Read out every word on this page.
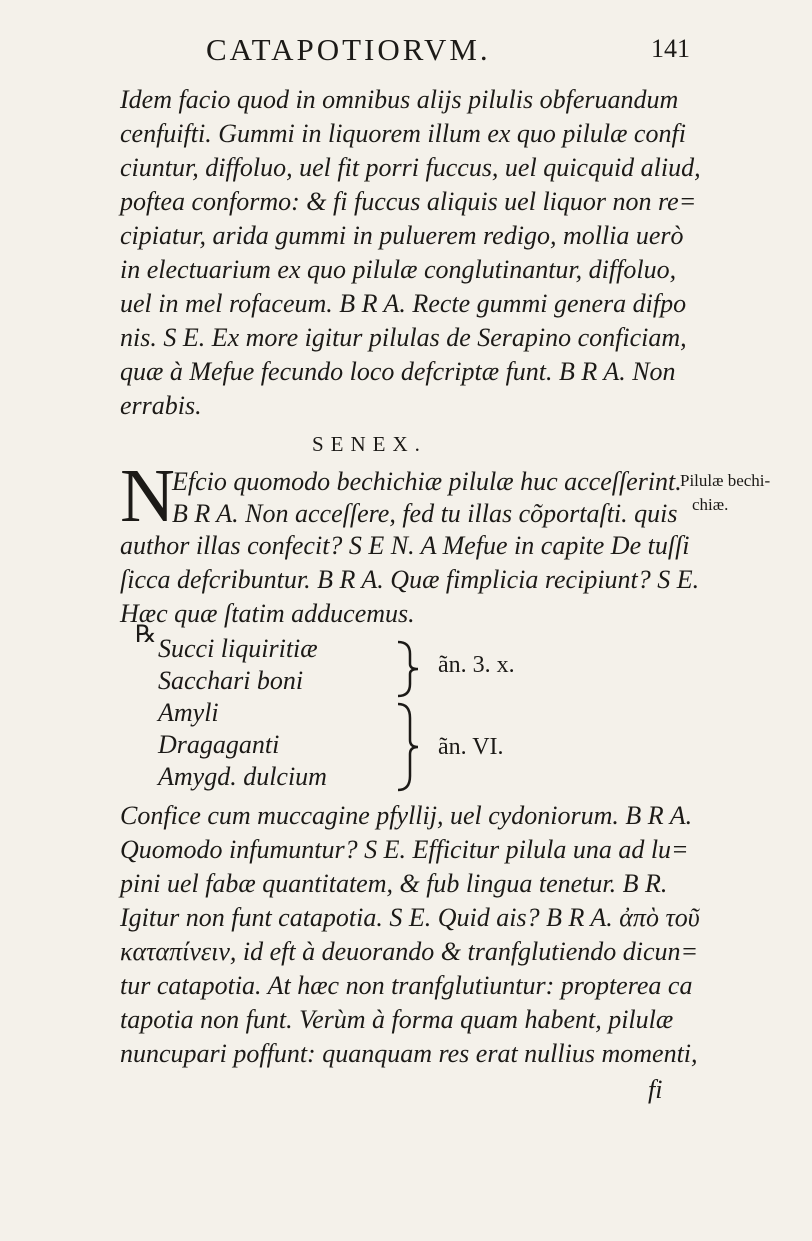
CATAPOTIORVM.	141
Idem facio quod in omnibus alijs pilulis obferuandum
cenfuifti. Gummi in liquorem illum ex quo pilulæ confi
ciuntur, diffoluo, uel fit porri fuccus, uel quicquid aliud,
poftea conformo: & fi fuccus aliquis uel liquor non re=
cipiatur, arida gummi in puluerem redigo, mollia uerò
in electuarium ex quo pilulæ conglutinantur, diffoluo,
uel in mel rofaceum. B R A. Recte gummi genera difpo
nis. S E. Ex more igitur pilulas de Serapino conficiam,
quæ à Mefue fecundo loco defcriptæ funt. B R A. Non
errabis.
SENEX.
N
Efcio quomodo bechichiæ pilulæ huc acceſſerint.
B R A. Non acceſſere, fed tu illas cõportaſti. quis
Pilulæ bechi-
chiæ.
author illas confecit? S E N. A Mefue in capite De tuſſi
ſicca defcribuntur. B R A. Quæ fimplicia recipiunt? S E.
Hæc quæ ſtatim adducemus.
℞ Succi liquiritiæ
Sacchari boni
ãn. 3. x.
Amyli
Dragaganti
Amygd. dulcium
ãn. VI.
Confice cum muccagine pfyllij, uel cydoniorum. B R A.
Quomodo infumuntur? S E. Efficitur pilula una ad lu=
pini uel fabæ quantitatem, & fub lingua tenetur. B R.
Igitur non funt catapotia. S E. Quid ais? B R A. ἀπὸ τοῦ
καταπίνειν, id eft à deuorando & tranfglutiendo dicun=
tur catapotia. At hæc non tranfglutiuntur: propterea ca
tapotia non funt. Verùm à forma quam habent, pilulæ
nuncupari poffunt: quanquam res erat nullius momenti,
fi
